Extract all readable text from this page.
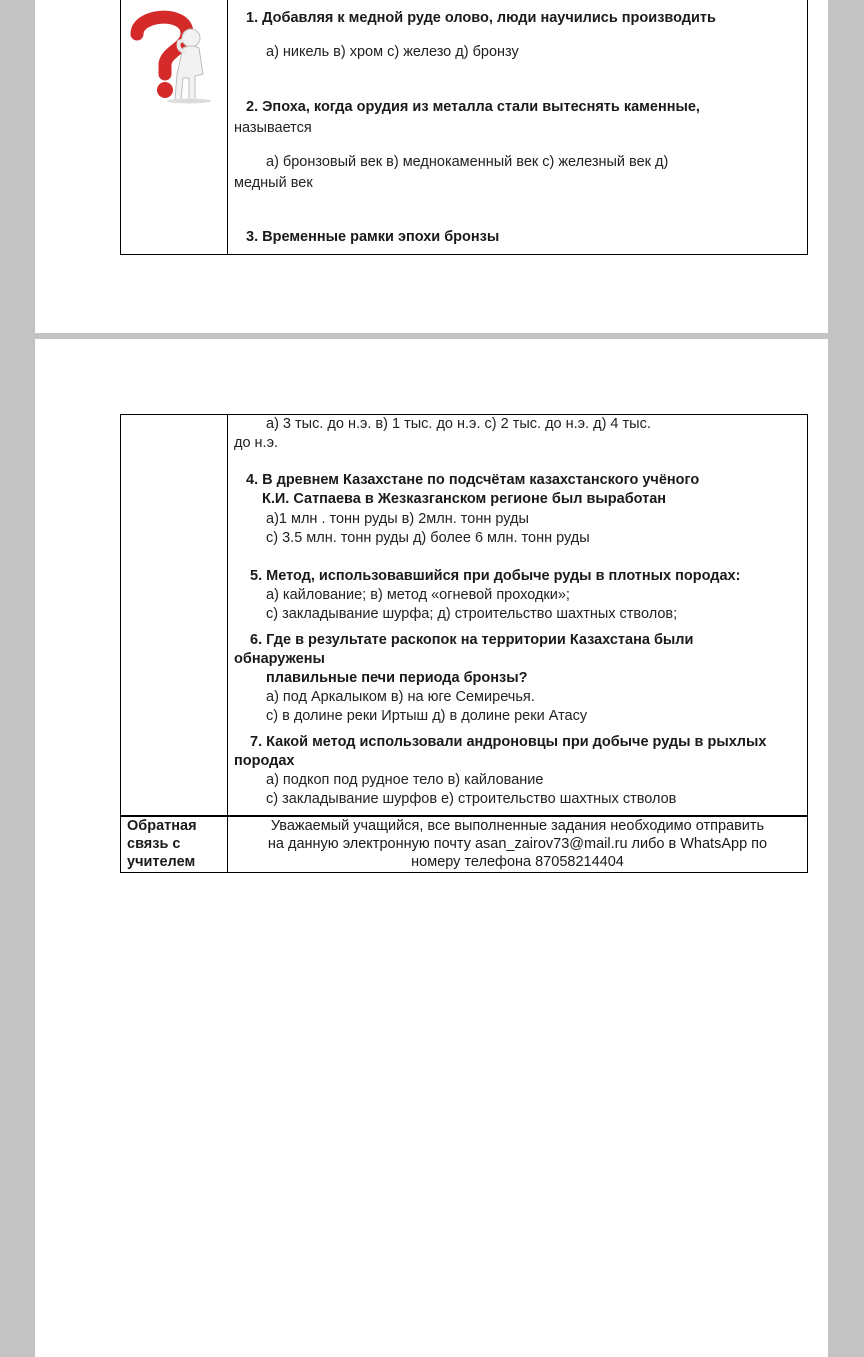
1. Добавляя к медной руде олово, люди научились производить
а) никель в) хром с) железо д) бронзу
2. Эпоха, когда орудия из металла стали вытеснять каменные,
называется
а) бронзовый век в) меднокаменный век с) железный век д)
медный век
3. Временные рамки эпохи бронзы
а) 3 тыс. до н.э. в) 1 тыс. до н.э. с) 2 тыс. до н.э. д) 4 тыс.
до н.э.
4. В древнем Казахстане по подсчётам казахстанского учёного
К.И. Сатпаева в Жезказганском регионе был выработан
а)1 млн . тонн руды в) 2млн. тонн руды
с) 3.5 млн. тонн руды д) более 6 млн. тонн руды
5. Метод, использовавшийся при добыче руды в плотных породах:
а) кайлование; в) метод «огневой проходки»;
с) закладывание шурфа; д) строительство шахтных стволов;
6. Где в результате раскопок на территории Казахстана были
обнаружены
плавильные печи периода бронзы?
а) под Аркалыком в) на юге Семиречья.
с) в долине реки Иртыш д) в долине реки Атасу
7. Какой метод использовали андроновцы при добыче руды в рыхлых
породах
а) подкоп под рудное тело в) кайлование
с) закладывание шурфов е) строительство шахтных стволов
Обратная
связь с
учителем
Уважаемый учащийся, все выполненные задания необходимо отправить
на данную электронную почту asan_zairov73@mail.ru либо в WhatsApp по
номеру телефона 87058214404
